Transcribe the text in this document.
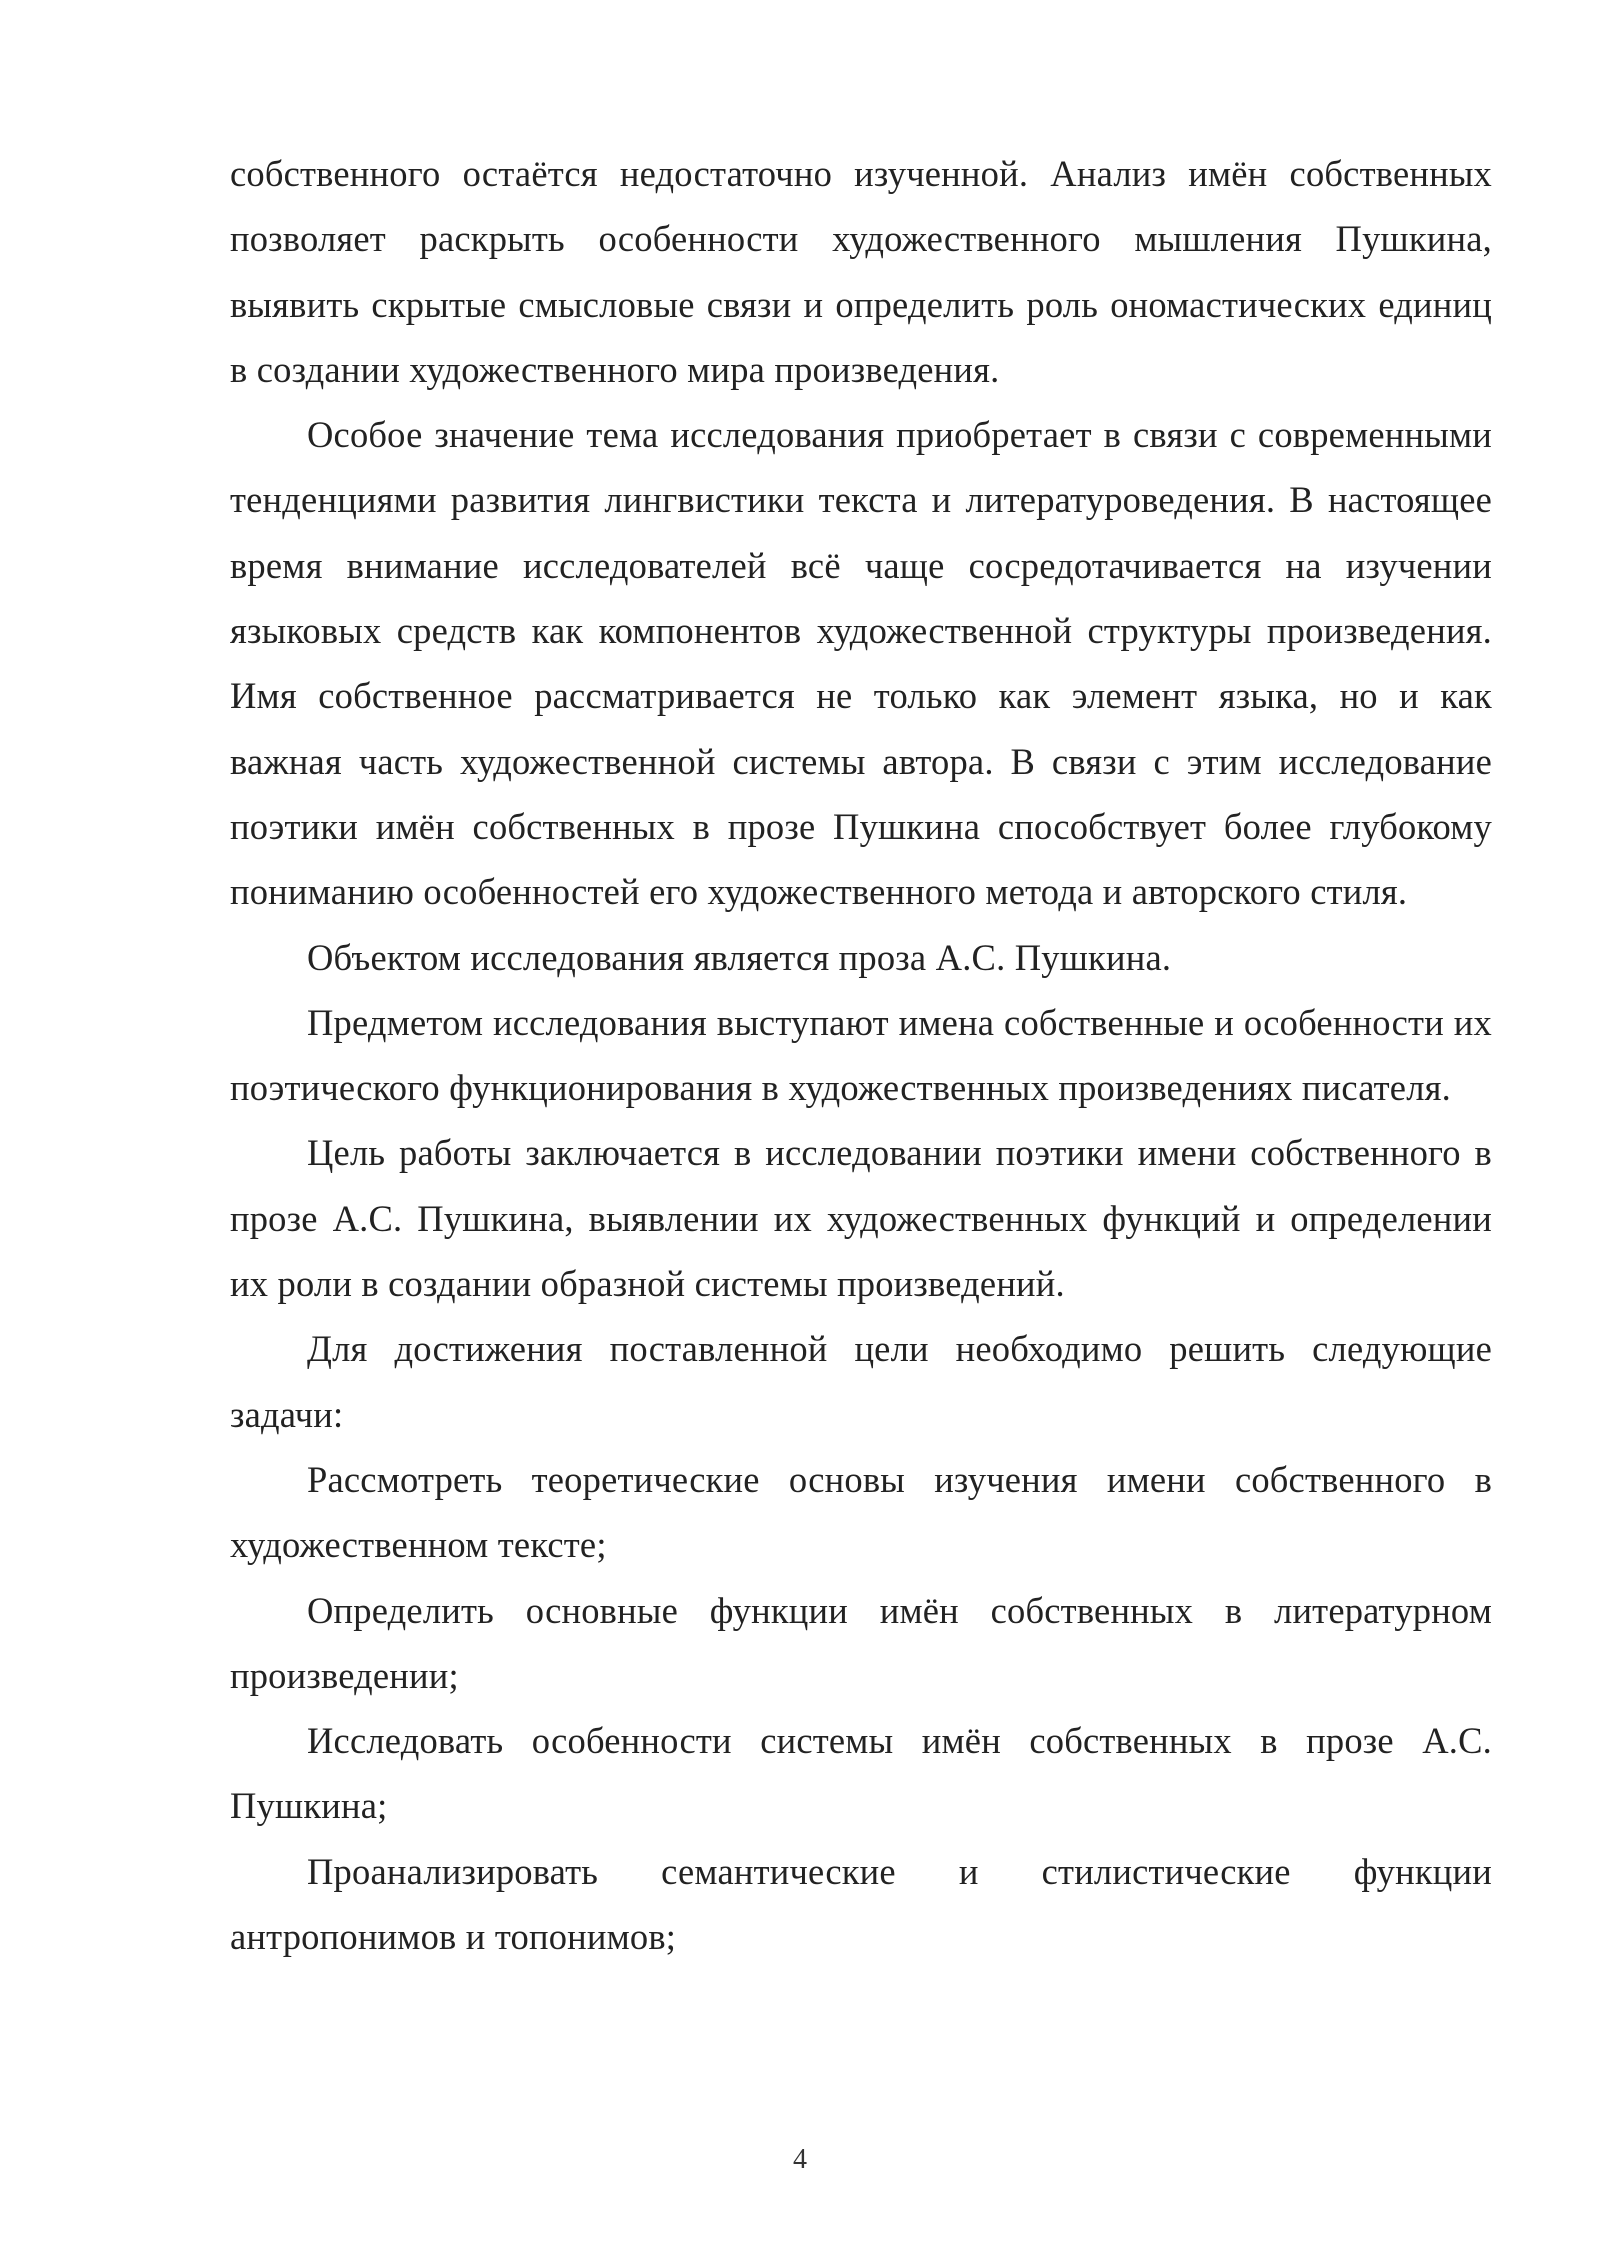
собственного остаётся недостаточно изученной. Анализ имён собственных позволяет раскрыть особенности художественного мышления Пушкина, выявить скрытые смысловые связи и определить роль ономастических единиц в создании художественного мира произведения.

Особое значение тема исследования приобретает в связи с современными тенденциями развития лингвистики текста и литературоведения. В настоящее время внимание исследователей всё чаще сосредотачивается на изучении языковых средств как компонентов художественной структуры произведения. Имя собственное рассматривается не только как элемент языка, но и как важная часть художественной системы автора. В связи с этим исследование поэтики имён собственных в прозе Пушкина способствует более глубокому пониманию особенностей его художественного метода и авторского стиля.

Объектом исследования является проза А.С. Пушкина.

Предметом исследования выступают имена собственные и особенности их поэтического функционирования в художественных произведениях писателя.

Цель работы заключается в исследовании поэтики имени собственного в прозе А.С. Пушкина, выявлении их художественных функций и определении их роли в создании образной системы произведений.

Для достижения поставленной цели необходимо решить следующие задачи:

Рассмотреть теоретические основы изучения имени собственного в художественном тексте;

Определить основные функции имён собственных в литературном произведении;

Исследовать особенности системы имён собственных в прозе А.С. Пушкина;

Проанализировать семантические и стилистические функции антропонимов и топонимов;

4
